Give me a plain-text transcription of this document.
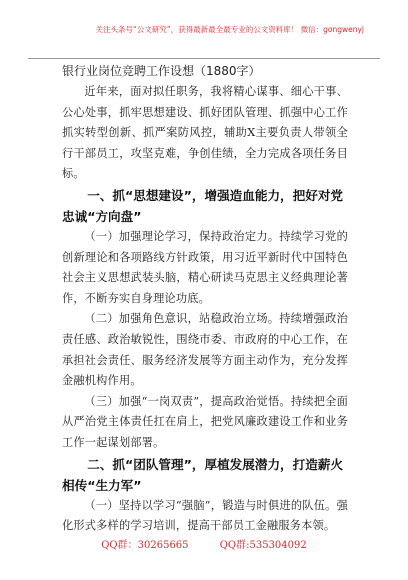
关注头条号“公文研究”，获得最新最全最专业的公文资料库！ 微信：gongwenyj
银行业岗位竞聘工作设想（1880字）

近年来，面对拟任职务，我将精心谋事、细心干事、公心处事，抓牢思想建设、抓好团队管理、抓强中心工作抓实转型创新、抓严案防风控，辅助X主要负责人带领全行干部员工，攻坚克难，争创佳绩，全力完成各项任务目标。

一、抓“思想建设”，增强造血能力，把好对党忠诚“方向盘”

（一）加强理论学习，保持政治定力。持续学习党的创新理论和各项路线方针政策，用习近平新时代中国特色社会主义思想武装头脑，精心研读马克思主义经典理论著作，不断夯实自身理论功底。

（二）加强角色意识，站稳政治立场。持续增强政治责任感、政治敏锐性，围绕市委、市政府的中心工作，在承担社会责任、服务经济发展等方面主动作为，充分发挥金融机构作用。

（三）加强“一岗双责”，提高政治觉悟。持续把全面从严治党主体责任扛在肩上，把党风廉政建设工作和业务工作一起谋划部署。

二、抓“团队管理”，厚植发展潜力，打造薪火相传“生力军”

（一）坚持以学习“强脑”，锻造与时俱进的队伍。强化形式多样的学习培训，提高干部员工金融服务本领。

QQ群：30265665	QQ群:535304092
